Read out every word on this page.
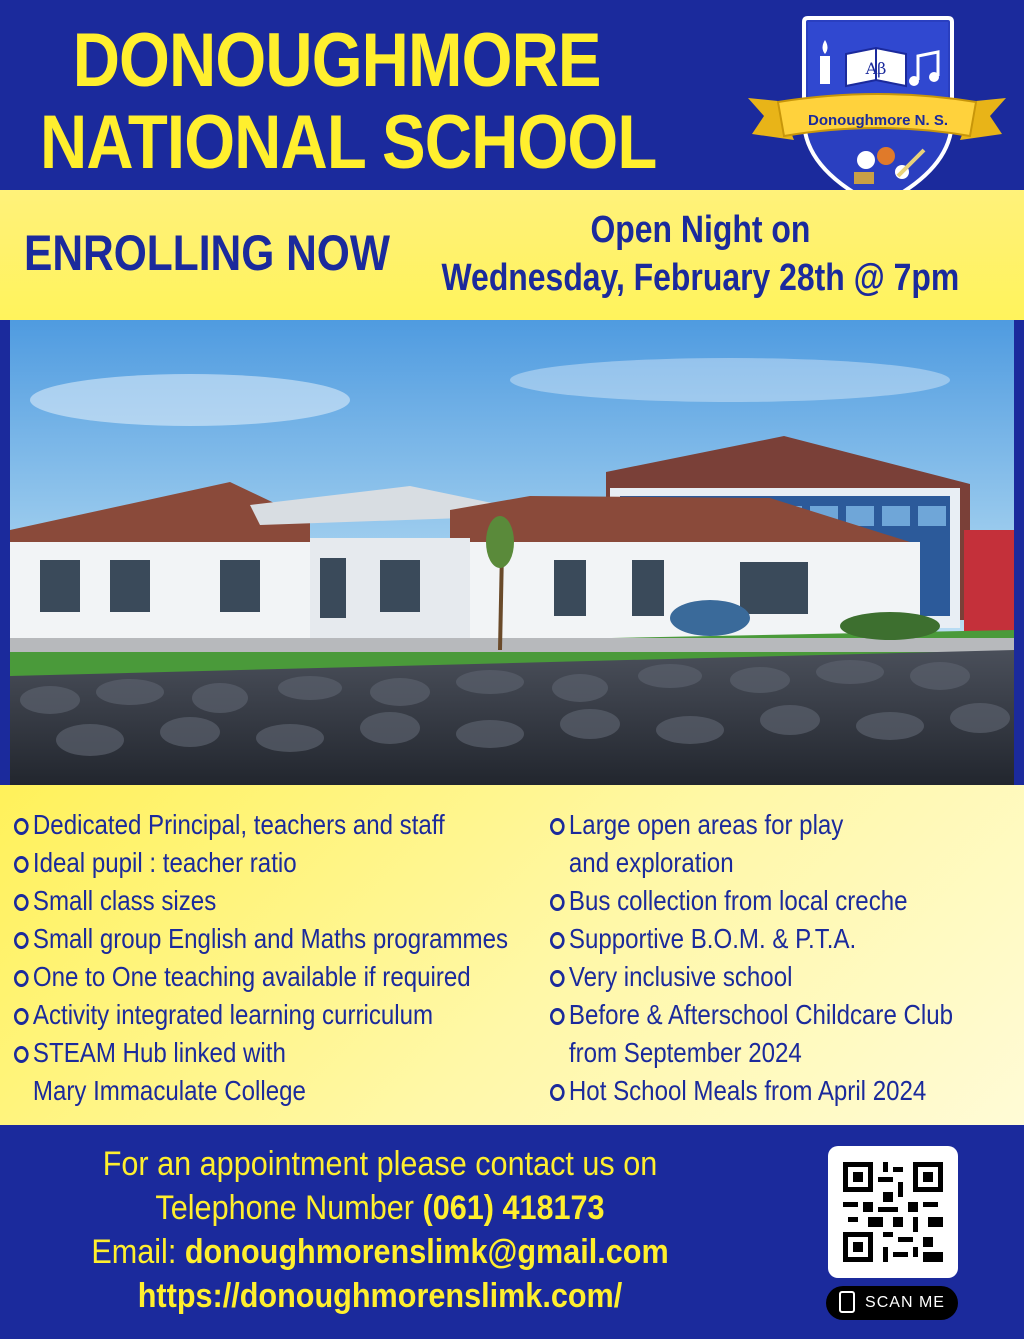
DONOUGHMORE
NATIONAL SCHOOL
Aβ
Donoughmore N. S.
ENROLLING NOW	Open Night on
Wednesday, February 28th @ 7pm
Dedicated Principal, teachers and staff
Ideal pupil : teacher ratio
Small class sizes
Small group English and Maths programmes
One to One teaching available if required
Activity integrated learning curriculum
STEAM Hub linked with
Mary Immaculate College
Large open areas for play
and exploration
Bus collection from local creche
Supportive B.O.M. & P.T.A.
Very inclusive school
Before & Afterschool Childcare Club
from September 2024
Hot School Meals from April 2024
For an appointment please contact us on
Telephone Number (061) 418173
Email: donoughmorenslimk@gmail.com
https://donoughmorenslimk.com/	SCAN ME
